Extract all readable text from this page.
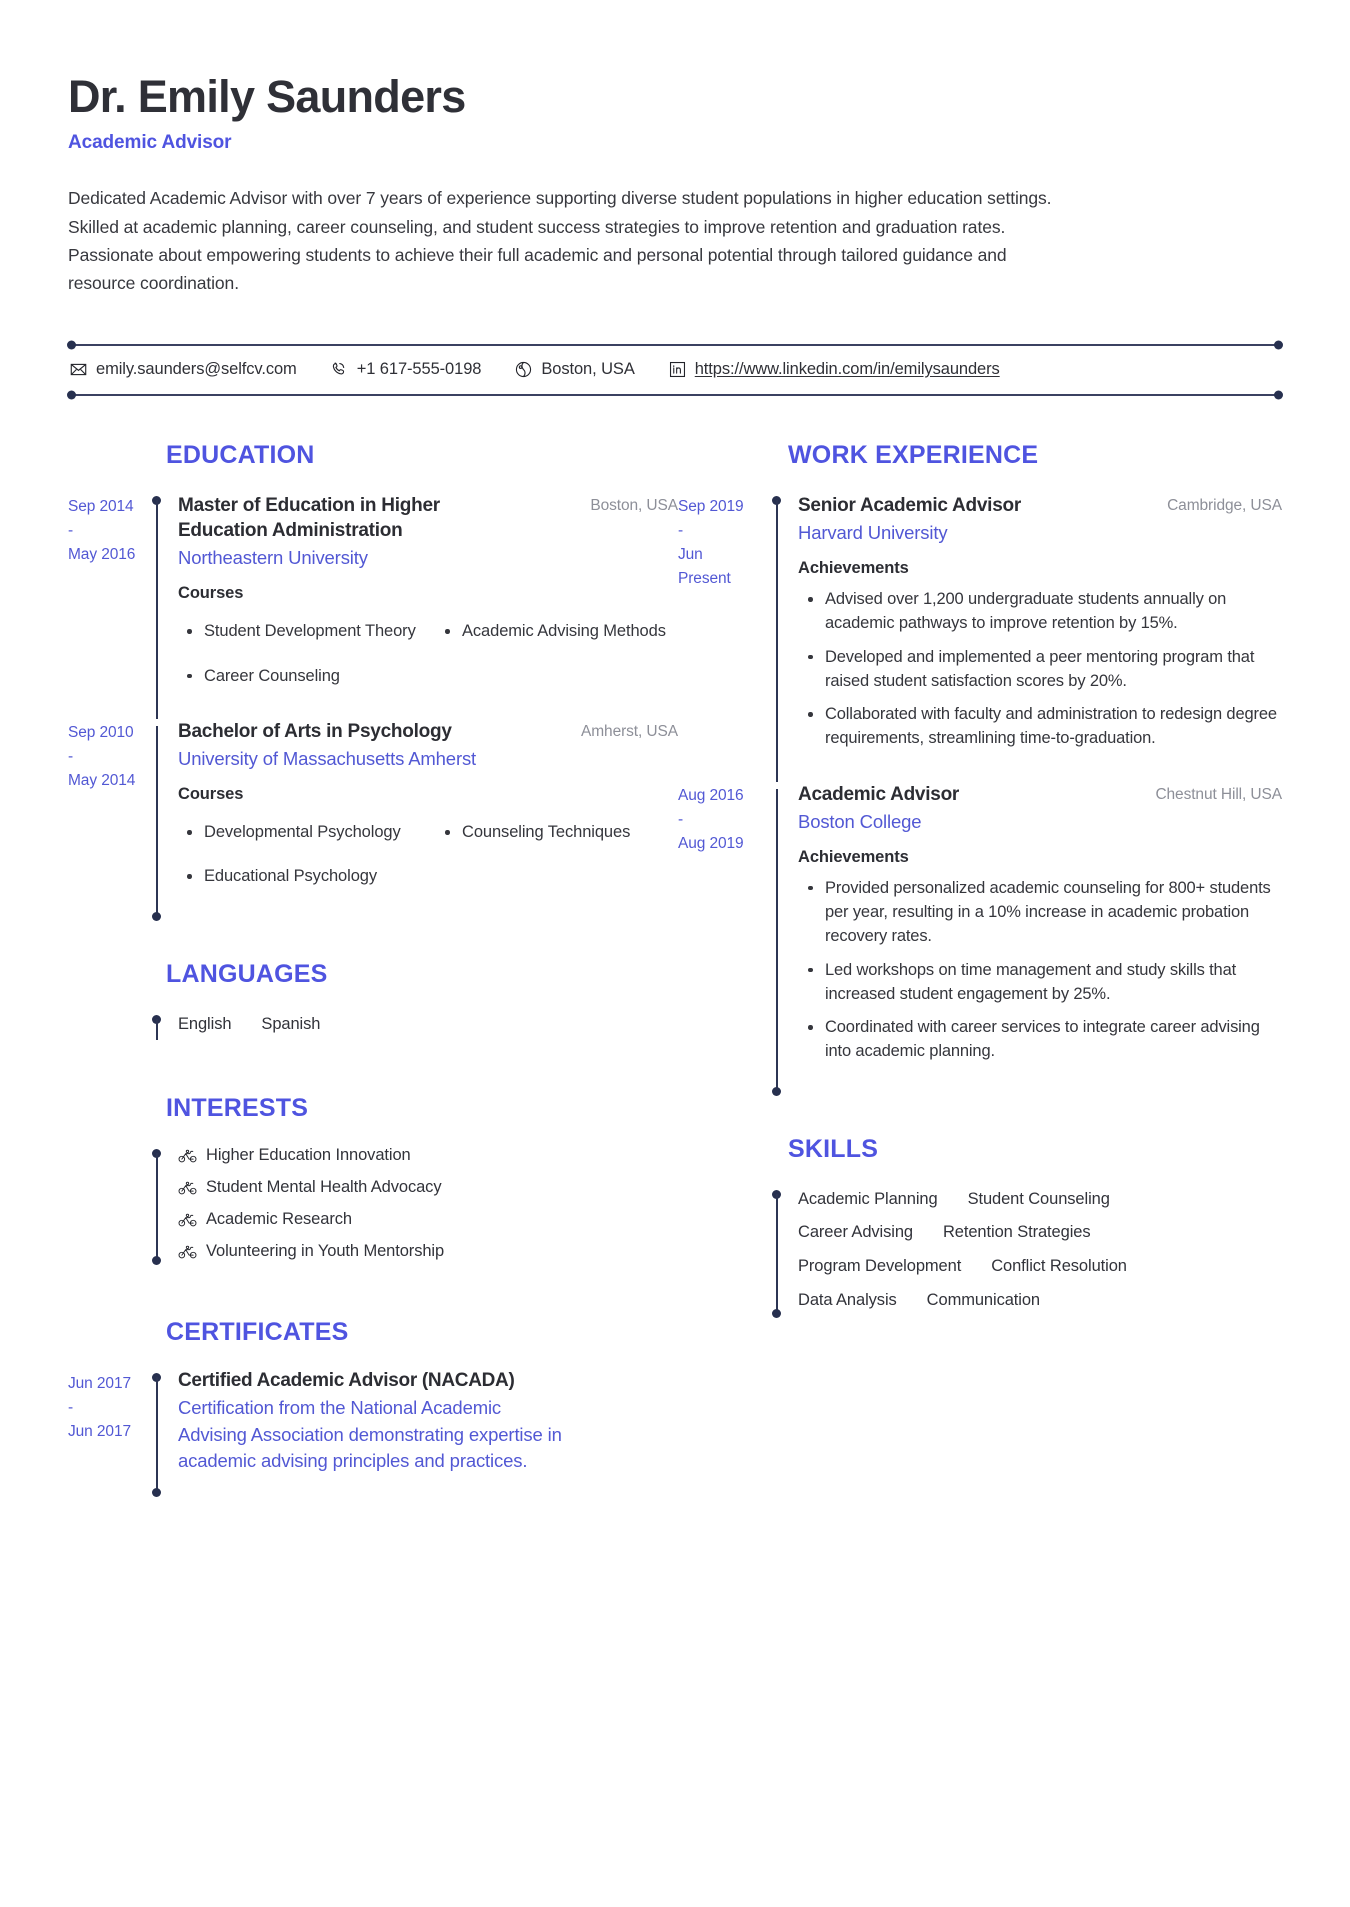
Dr. Emily Saunders
Academic Advisor

Dedicated Academic Advisor with over 7 years of experience supporting diverse student populations in higher education settings. Skilled at academic planning, career counseling, and student success strategies to improve retention and graduation rates. Passionate about empowering students to achieve their full academic and personal potential through tailored guidance and resource coordination.

emily.saunders@selfcv.com	+1 617-555-0198	Boston, USA	https://www.linkedin.com/in/emilysaunders
EDUCATION
Sep 2014
-
May 2016
Master of Education in Higher Education Administration
Boston, USA
Northeastern University
Courses
Student Development Theory	Academic Advising Methods
Career Counseling
Sep 2010
-
May 2014
Bachelor of Arts in Psychology	Amherst, USA
University of Massachusetts Amherst
Courses
Developmental Psychology	Counseling Techniques
Educational Psychology
LANGUAGES
English Spanish
INTERESTS
Higher Education Innovation
Student Mental Health Advocacy
Academic Research
Volunteering in Youth Mentorship
CERTIFICATES
Jun 2017
-
Jun 2017
Certified Academic Advisor (NACADA)
Certification from the National Academic Advising Association demonstrating expertise in academic advising principles and practices.
WORK EXPERIENCE
Sep 2019
-
Jun
Present
Senior Academic Advisor	Cambridge, USA
Harvard University
Achievements
Advised over 1,200 undergraduate students annually on academic pathways to improve retention by 15%.
Developed and implemented a peer mentoring program that raised student satisfaction scores by 20%.
Collaborated with faculty and administration to redesign degree requirements, streamlining time-to-graduation.
Aug 2016
-
Aug 2019
Academic Advisor	Chestnut Hill, USA
Boston College
Achievements
Provided personalized academic counseling for 800+ students per year, resulting in a 10% increase in academic probation recovery rates.
Led workshops on time management and study skills that increased student engagement by 25%.
Coordinated with career services to integrate career advising into academic planning.
SKILLS
Academic Planning Student Counseling
Career Advising Retention Strategies
Program Development Conflict Resolution
Data Analysis Communication
